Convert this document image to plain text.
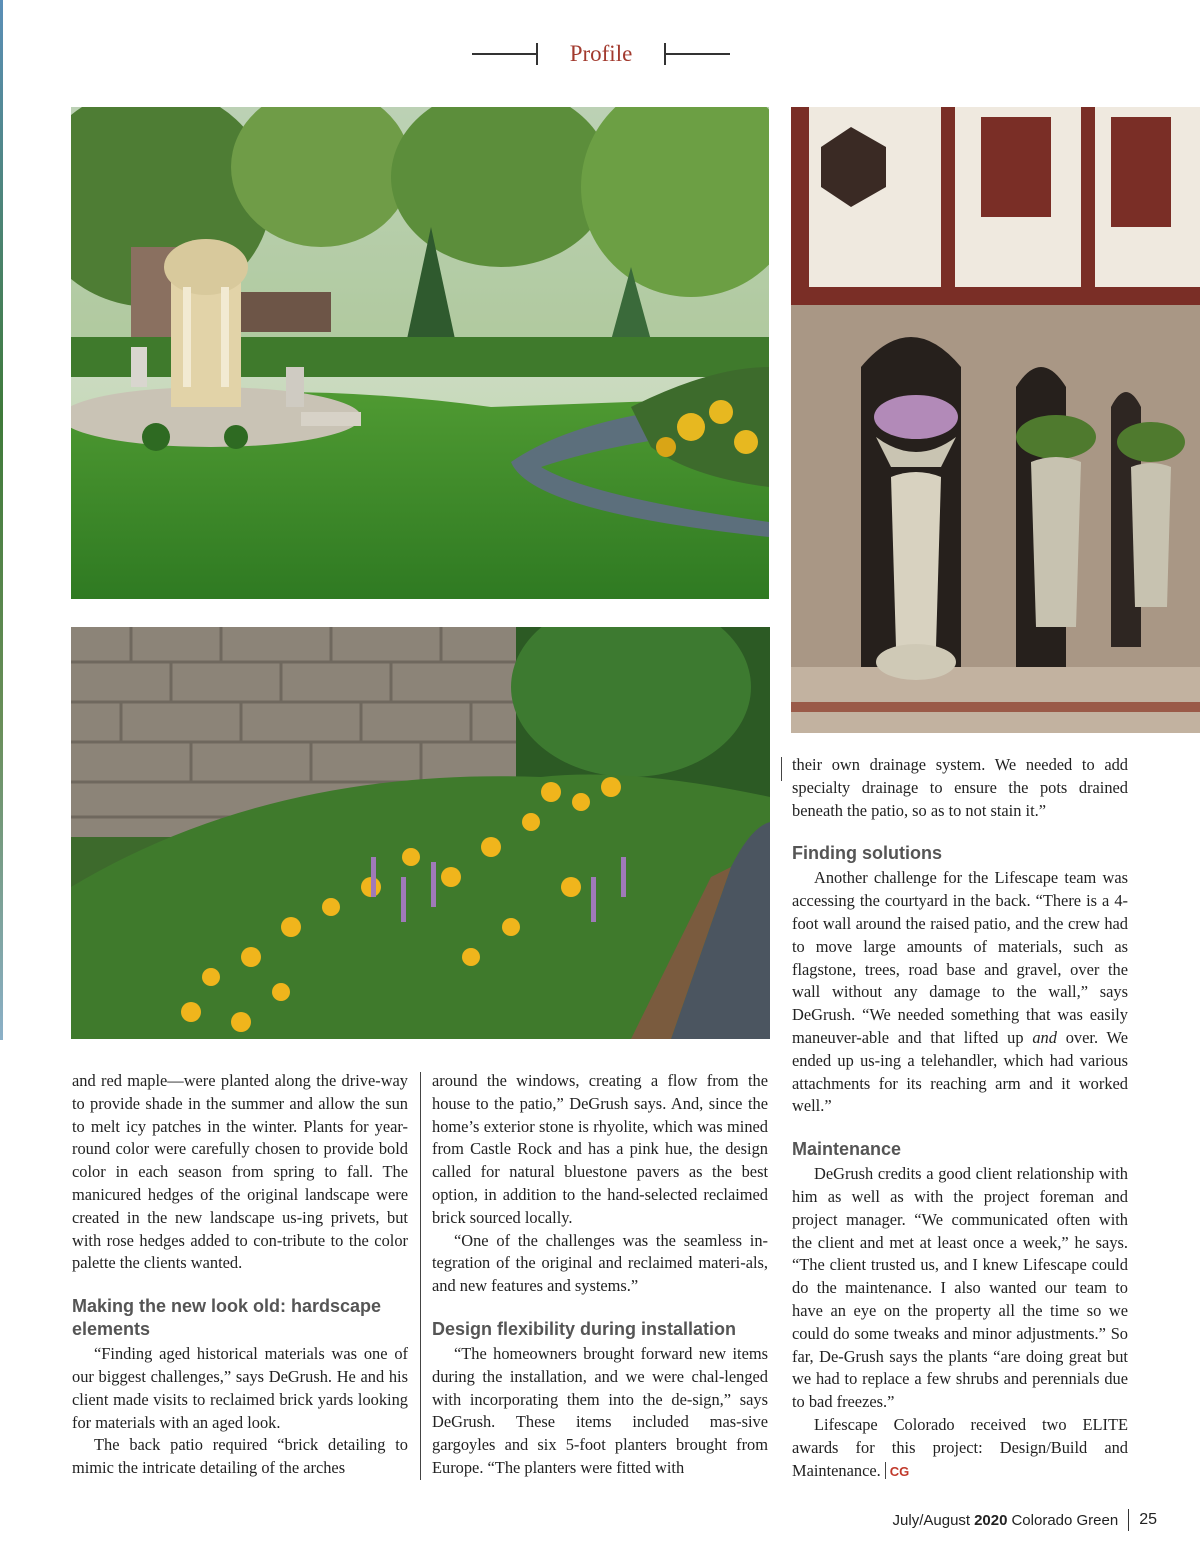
Profile

and red maple—were planted along the drive-way to provide shade in the summer and allow the sun to melt icy patches in the winter. Plants for year-round color were carefully chosen to provide bold color in each season from spring to fall. The manicured hedges of the original landscape were created in the new landscape us-ing privets, but with rose hedges added to con-tribute to the color palette the clients wanted.

Making the new look old: hardscape elements

“Finding aged historical materials was one of our biggest challenges,” says DeGrush. He and his client made visits to reclaimed brick yards looking for materials with an aged look.

The back patio required “brick detailing to mimic the intricate detailing of the arches

around the windows, creating a flow from the house to the patio,” DeGrush says. And, since the home’s exterior stone is rhyolite, which was mined from Castle Rock and has a pink hue, the design called for natural bluestone pavers as the best option, in addition to the hand-selected reclaimed brick sourced locally.

“One of the challenges was the seamless in-tegration of the original and reclaimed materi-als, and new features and systems.”

Design flexibility during installation

“The homeowners brought forward new items during the installation, and we were chal-lenged with incorporating them into the de-sign,” says DeGrush. These items included mas-sive gargoyles and six 5-foot planters brought from Europe. “The planters were fitted with

their own drainage system. We needed to add specialty drainage to ensure the pots drained beneath the patio, so as to not stain it.”

Finding solutions

Another challenge for the Lifescape team was accessing the courtyard in the back. “There is a 4-foot wall around the raised patio, and the crew had to move large amounts of materials, such as flagstone, trees, road base and gravel, over the wall without any damage to the wall,” says DeGrush. “We needed something that was easily maneuver-able and that lifted up and over. We ended up us-ing a telehandler, which had various attachments for its reaching arm and it worked well.”

Maintenance

DeGrush credits a good client relationship with him as well as with the project foreman and project manager. “We communicated often with the client and met at least once a week,” he says. “The client trusted us, and I knew Lifescape could do the maintenance. I also wanted our team to have an eye on the property all the time so we could do some tweaks and minor adjustments.” So far, De-Grush says the plants “are doing great but we had to replace a few shrubs and perennials due to bad freezes.”

Lifescape Colorado received two ELITE awards for this project: Design/Build and Maintenance. CG

July/August 2020 Colorado Green 25
